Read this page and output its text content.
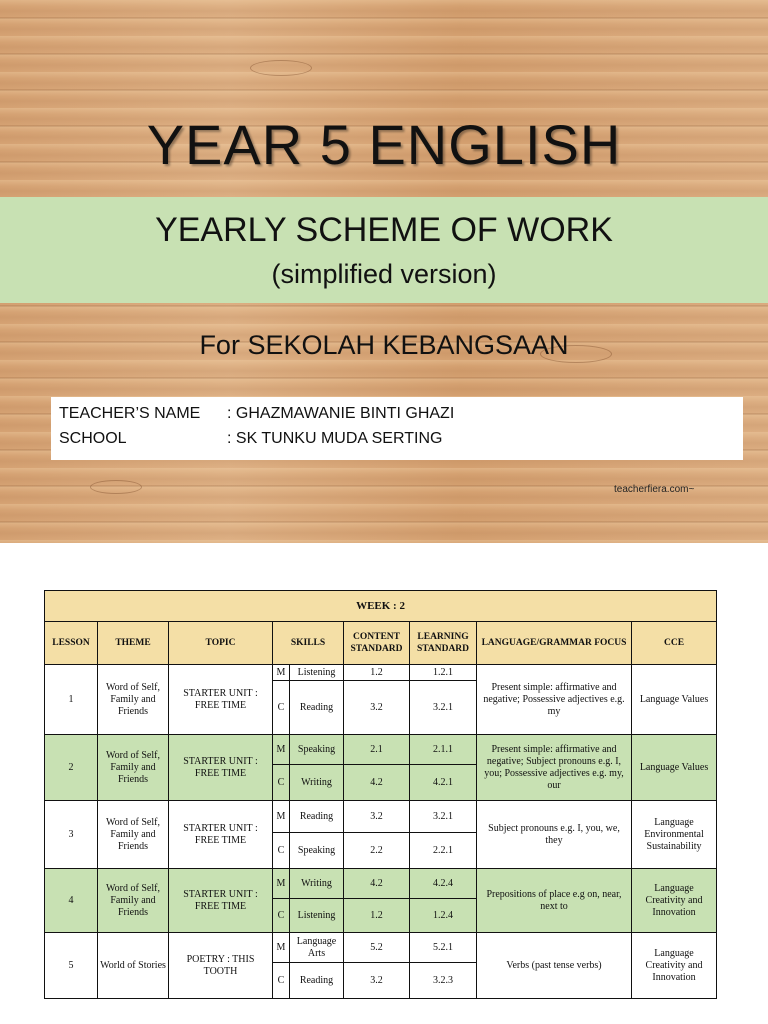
YEAR 5 ENGLISH
YEARLY SCHEME OF WORK
(simplified version)
For SEKOLAH KEBANGSAAN
TEACHER’S NAME	: GHAZMAWANIE BINTI GHAZI
SCHOOL	: SK TUNKU MUDA SERTING
teacherfiera.com~
WEEK : 2								
LESSON	THEME	TOPIC	SKILLS		CONTENT STANDARD	LEARNING STANDARD	LANGUAGE/GRAMMAR FOCUS	CCE
1	Word of Self, Family and Friends	STARTER UNIT : FREE TIME	M	Listening	1.2	1.2.1	Present simple: affirmative and negative; Possessive adjectives e.g. my	Language Values
			C	Reading	3.2	3.2.1		
2	Word of Self, Family and Friends	STARTER UNIT : FREE TIME	M	Speaking	2.1	2.1.1	Present simple: affirmative and negative; Subject pronouns e.g. I, you; Possessive adjectives e.g. my, our	Language Values
			C	Writing	4.2	4.2.1		
3	Word of Self, Family and Friends	STARTER UNIT : FREE TIME	M	Reading	3.2	3.2.1	Subject pronouns e.g. I, you, we, they	Language Environmental Sustainability
			C	Speaking	2.2	2.2.1		
4	Word of Self, Family and Friends	STARTER UNIT : FREE TIME	M	Writing	4.2	4.2.4	Prepositions of place e.g on, near, next to	Language Creativity and Innovation
			C	Listening	1.2	1.2.4		
5	World of Stories	POETRY : THIS TOOTH	M	Language Arts	5.2	5.2.1	Verbs (past tense verbs)	Language Creativity and Innovation
			C	Reading	3.2	3.2.3		
